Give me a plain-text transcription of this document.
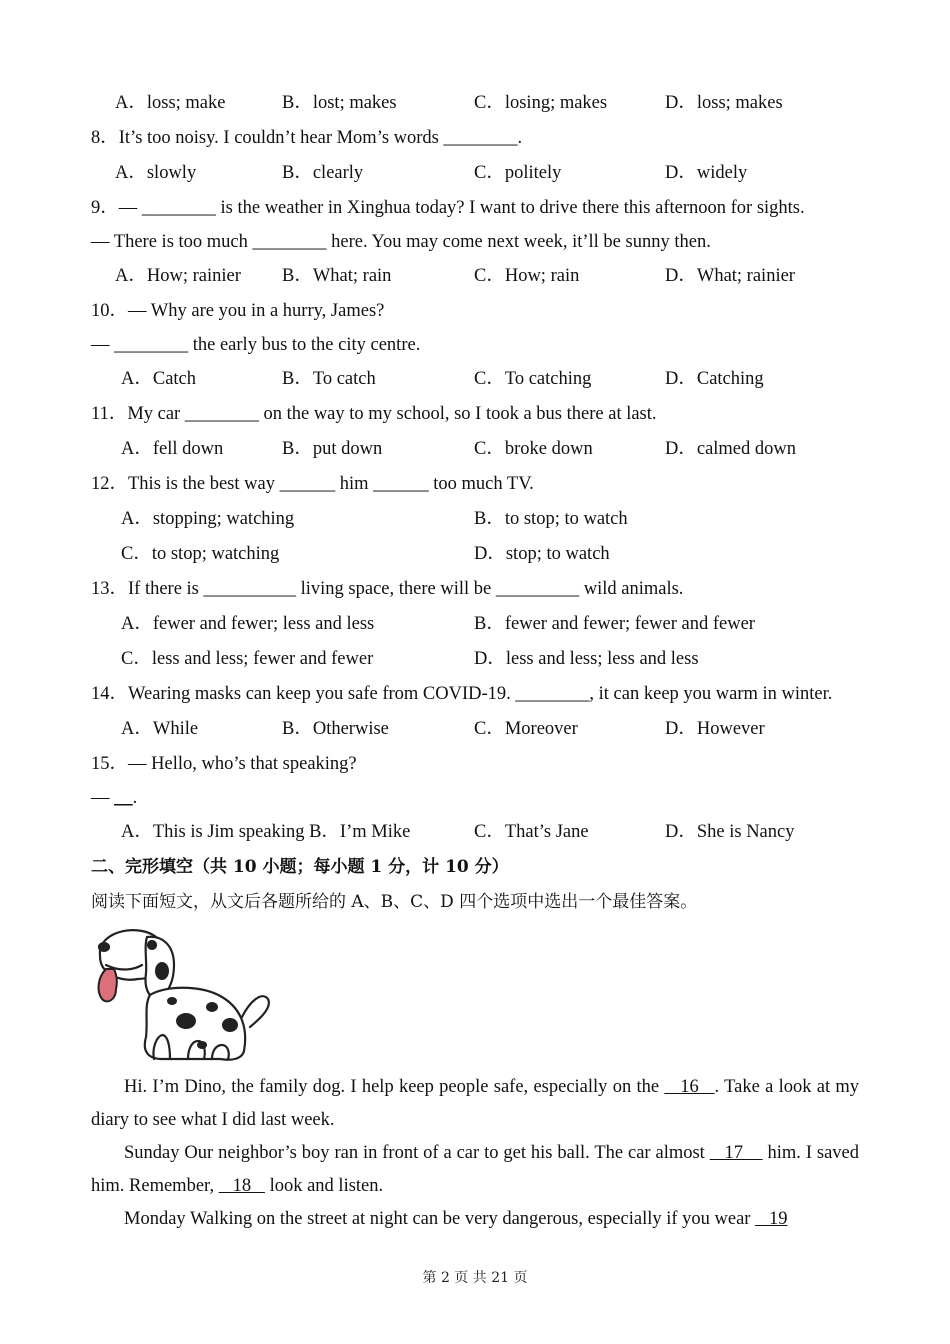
A．loss; make	B．lost; makes	C．losing; makes	D．loss; makes
8．It’s too noisy. I couldn’t hear Mom’s words ________.
A．slowly	B．clearly	C．politely	D．widely
9．— ________ is the weather in Xinghua today? I want to drive there this afternoon for sights.
— There is too much ________ here. You may come next week, it’ll be sunny then.
A．How; rainier B．What; rain	C．How; rain	D．What; rainier
10．— Why are you in a hurry, James?
— ________ the early bus to the city centre.
A．Catch	B．To catch	C．To catching	D．Catching
11．My car ________ on the way to my school, so I took a bus there at last.
A．fell down	B．put down	C．broke down	D．calmed down
12．This is the best way ______ him ______ too much TV.
A．stopping; watching	B．to stop; to watch
C．to stop; watching	D．stop; to watch
13．If there is __________ living space, there will be _________ wild animals.
A．fewer and fewer; less and less	B．fewer and fewer; fewer and fewer
C．less and less; fewer and fewer	D．less and less; less and less
14．Wearing masks can keep you safe from COVID-19. ________, it can keep you warm in winter.
A．While	B．Otherwise	C．Moreover	D．However
15．— Hello, who’s that speaking?
— __.
A．This is Jim speaking B．I’m Mike	C．That’s Jane	D．She is Nancy
二、完形填空（共 10 小题；每小题 1 分，计 10 分）
阅读下面短文，从文后各题所给的 A、B、C、D 四个选项中选出一个最佳答案。
Hi. I’m Dino, the family dog. I help keep people safe, especially on the    16   . Take a look at my diary to see what I did last week.
Sunday Our neighbor’s boy ran in front of a car to get his ball. The car almost    17     him. I saved him. Remember,    18    look and listen.
Monday Walking on the street at night can be very dangerous, especially if you wear    19
第 2 页 共 21 页
